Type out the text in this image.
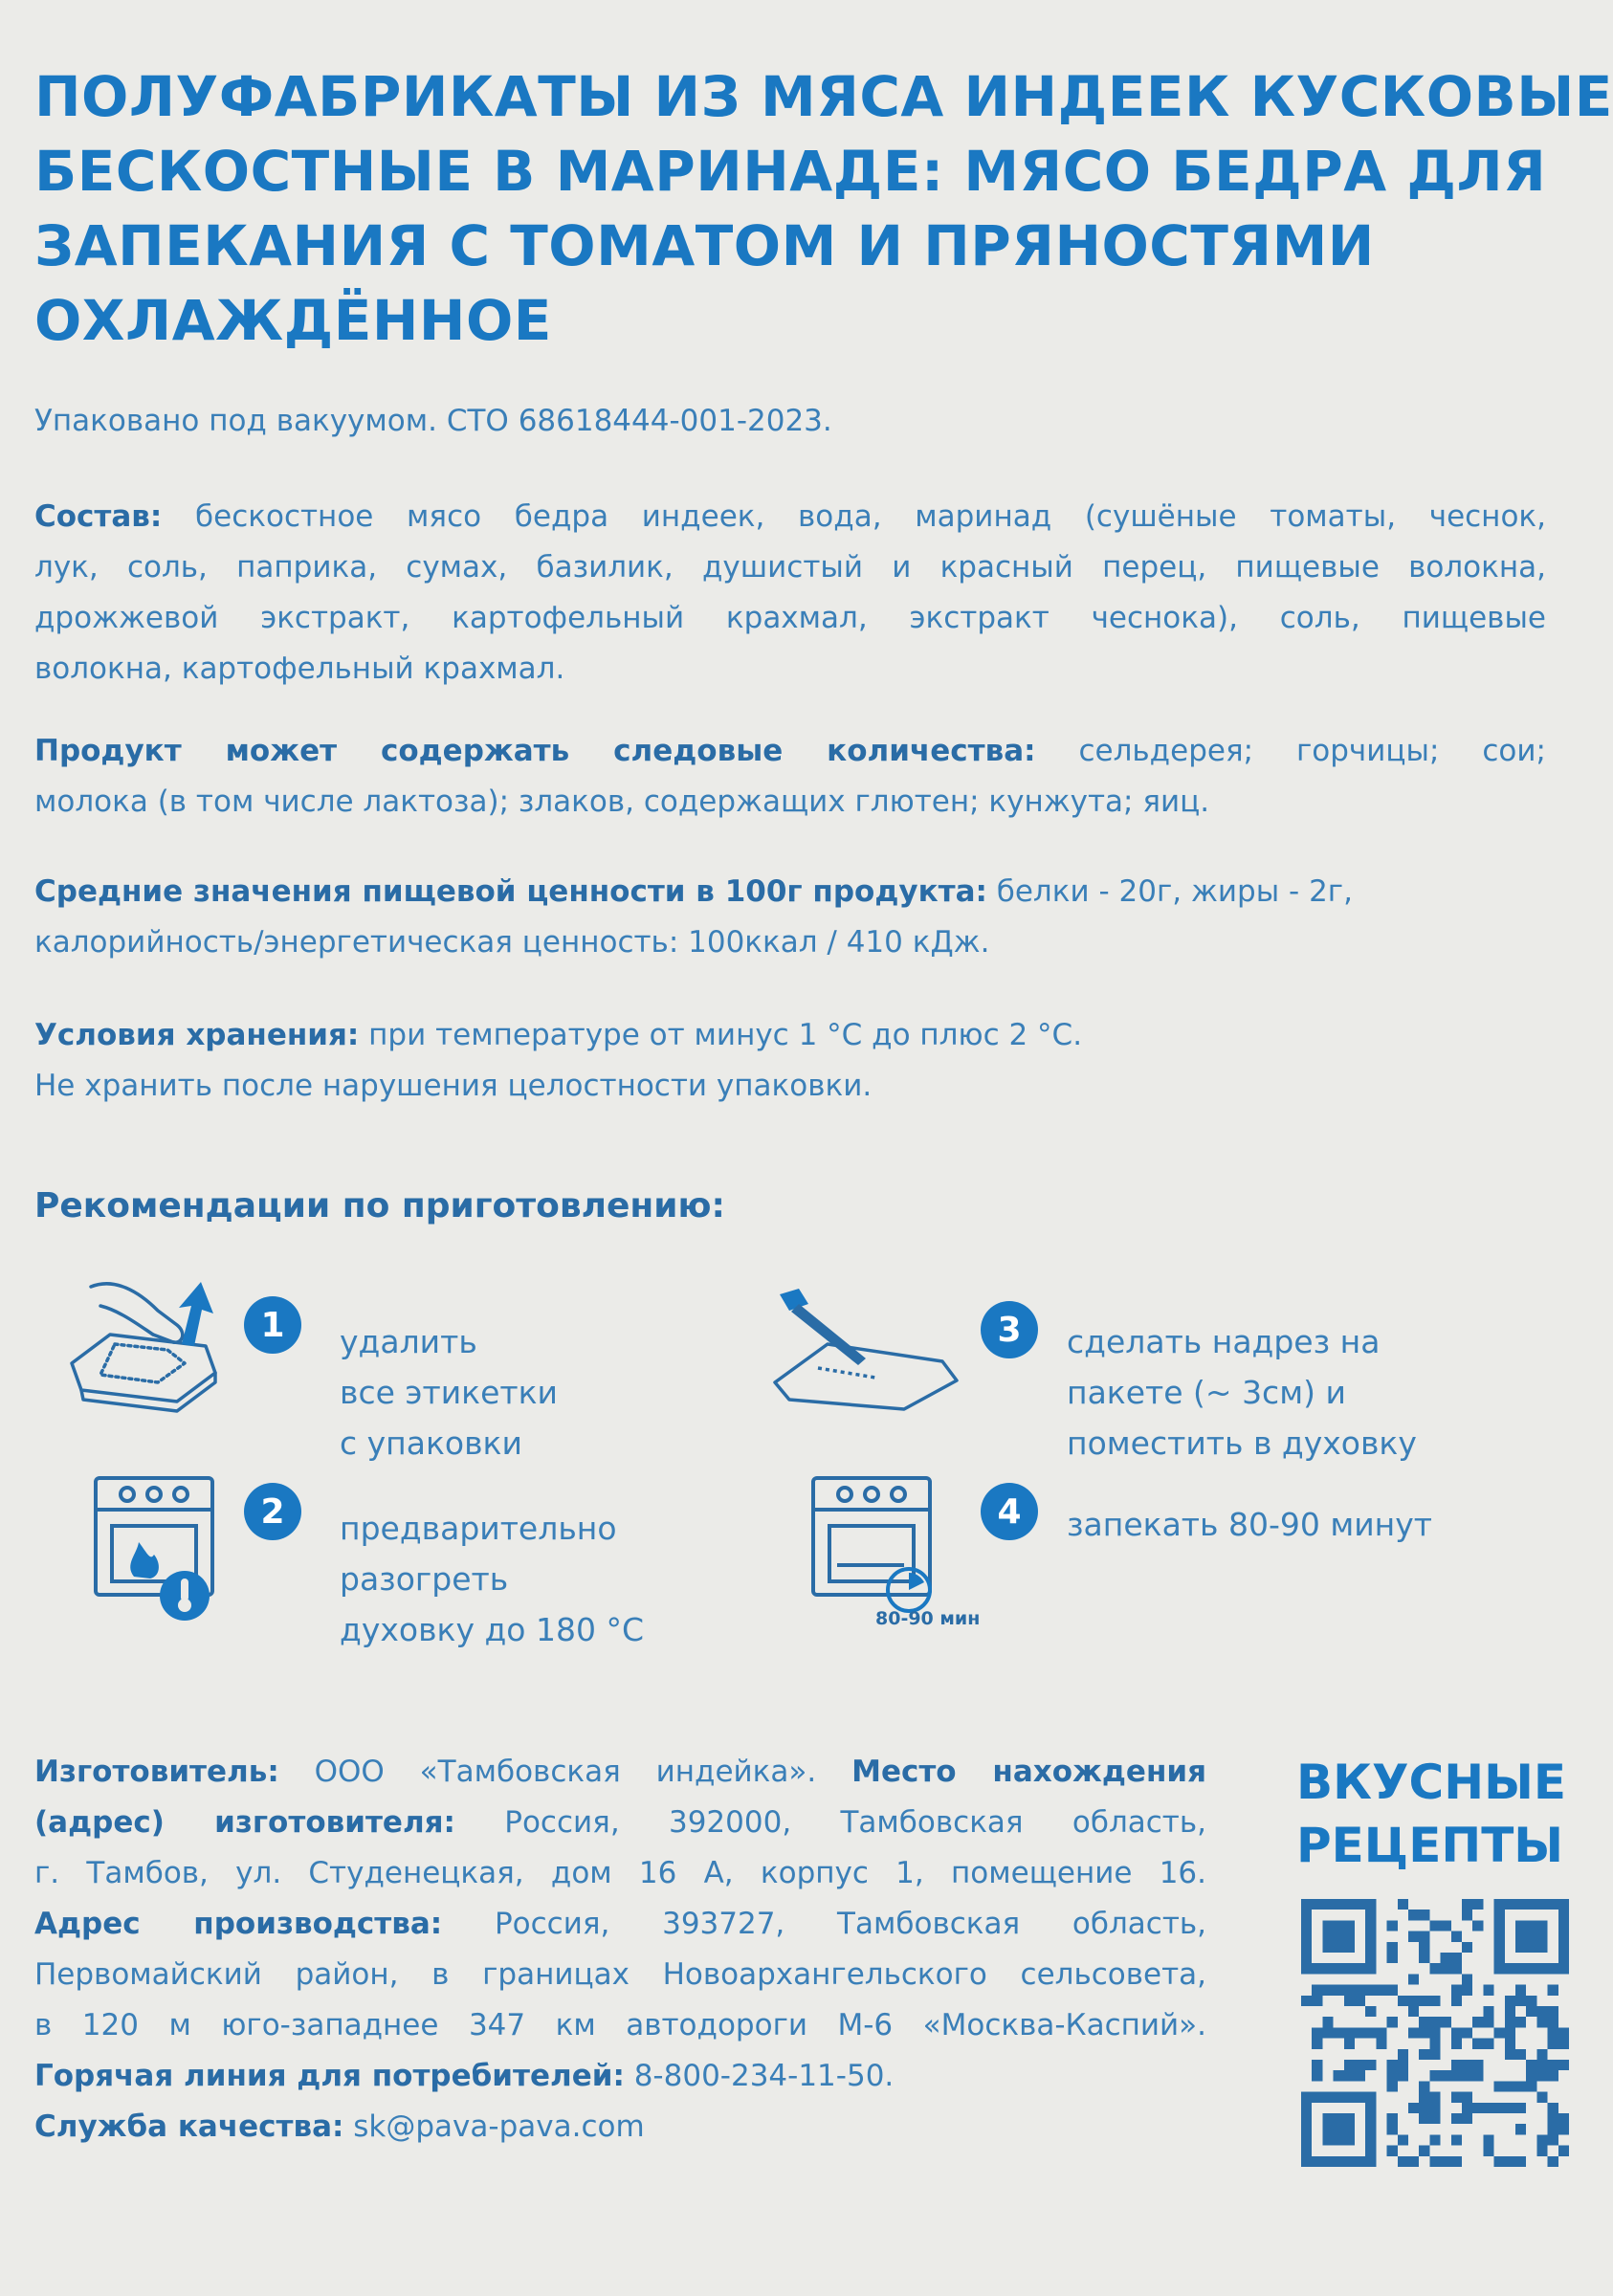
ПОЛУФАБРИКАТЫ ИЗ МЯСА ИНДЕЕК КУСКОВЫЕ
БЕСКОСТНЫЕ В МАРИНАДЕ: МЯСО БЕДРА ДЛЯ
ЗАПЕКАНИЯ С ТОМАТОМ И ПРЯНОСТЯМИ
ОХЛАЖДЁННОЕ

Упаковано под вакуумом. СТО 68618444-001-2023.

Состав: бескостное мясо бедра индеек, вода, маринад (сушёные томаты, чеснок,
лук, соль, паприка, сумах, базилик, душистый и красный перец, пищевые волокна,
дрожжевой экстракт, картофельный крахмал, экстракт чеснока), соль, пищевые
волокна, картофельный крахмал.
Продукт может содержать следовые количества: сельдерея; горчицы; сои;
молока (в том числе лактоза); злаков, содержащих глютен; кунжута; яиц.
Средние значения пищевой ценности в 100г продукта: белки - 20г, жиры - 2г,
калорийность/энергетическая ценность: 100ккал / 410 кДж.
Условия хранения: при температуре от минус 1 °С до плюс 2 °С.
Не хранить после нарушения целостности упаковки.
Рекомендации по приготовлению:
1	удалить
все этикетки
с упаковки
2	предварительно
разогреть
духовку до 180 °С
3	сделать надрез на
пакете (~ 3см) и
поместить в духовку
80-90 мин
4	запекать 80-90 минут
Изготовитель: ООО «Тамбовская индейка». Место нахождения
(адрес) изготовителя: Россия, 392000, Тамбовская область,
г. Тамбов, ул. Студенецкая, дом 16 А, корпус 1, помещение 16.
Адрес производства: Россия, 393727, Тамбовская область,
Первомайский район, в границах Новоархангельского сельсовета,
в 120 м юго-западнее 347 км автодороги М-6 «Москва-Каспий».
Горячая линия для потребителей: 8-800-234-11-50.
Служба качества: sk@pava-pava.com
ВКУСНЫЕ
РЕЦЕПТЫ
